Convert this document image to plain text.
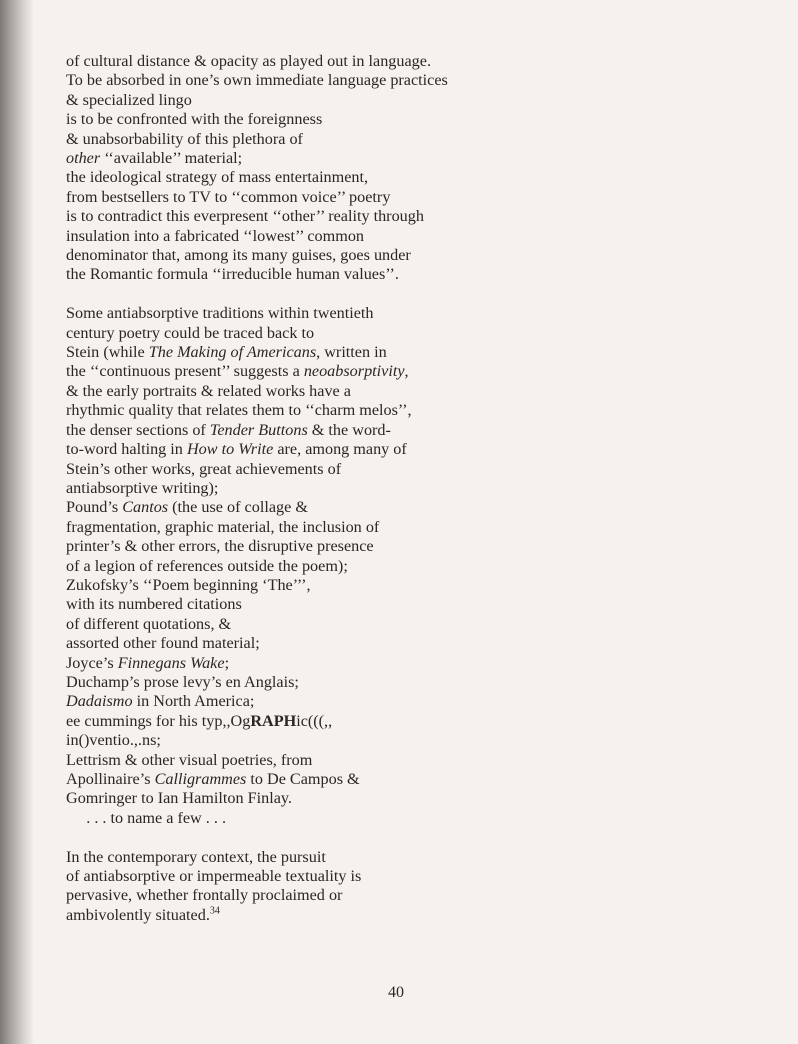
of cultural distance & opacity as played out in language.
To be absorbed in one’s own immediate language practices
& specialized lingo
is to be confronted with the foreignness
& unabsorbability of this plethora of
other ‘‘available’’ material;
the ideological strategy of mass entertainment,
from bestsellers to TV to ‘‘common voice’’ poetry
is to contradict this everpresent ‘‘other’’ reality through
insulation into a fabricated ‘‘lowest’’ common
denominator that, among its many guises, goes under
the Romantic formula ‘‘irreducible human values’’.
Some antiabsorptive traditions within twentieth
century poetry could be traced back to
Stein (while The Making of Americans, written in
the ‘‘continuous present’’ suggests a neoabsorptivity,
& the early portraits & related works have a
rhythmic quality that relates them to ‘‘charm melos’’,
the denser sections of Tender Buttons & the word-
to-word halting in How to Write are, among many of
Stein’s other works, great achievements of
antiabsorptive writing);
Pound’s Cantos (the use of collage &
fragmentation, graphic material, the inclusion of
printer’s & other errors, the disruptive presence
of a legion of references outside the poem);
Zukofsky’s ‘‘Poem beginning ‘The’’’,
with its numbered citations
of different quotations, &
assorted other found material;
Joyce’s Finnegans Wake;
Duchamp’s prose levy’s en Anglais;
Dadaismo in North America;
ee cummings for his typ,,OgRAPHic(((,,
in()ventio.,.ns;
Lettrism & other visual poetries, from
Apollinaire’s Calligrammes to De Campos &
Gomringer to Ian Hamilton Finlay.
. . . to name a few . . .
In the contemporary context, the pursuit
of antiabsorptive or impermeable textuality is
pervasive, whether frontally proclaimed or
ambivolently situated.$^{34}$
40
